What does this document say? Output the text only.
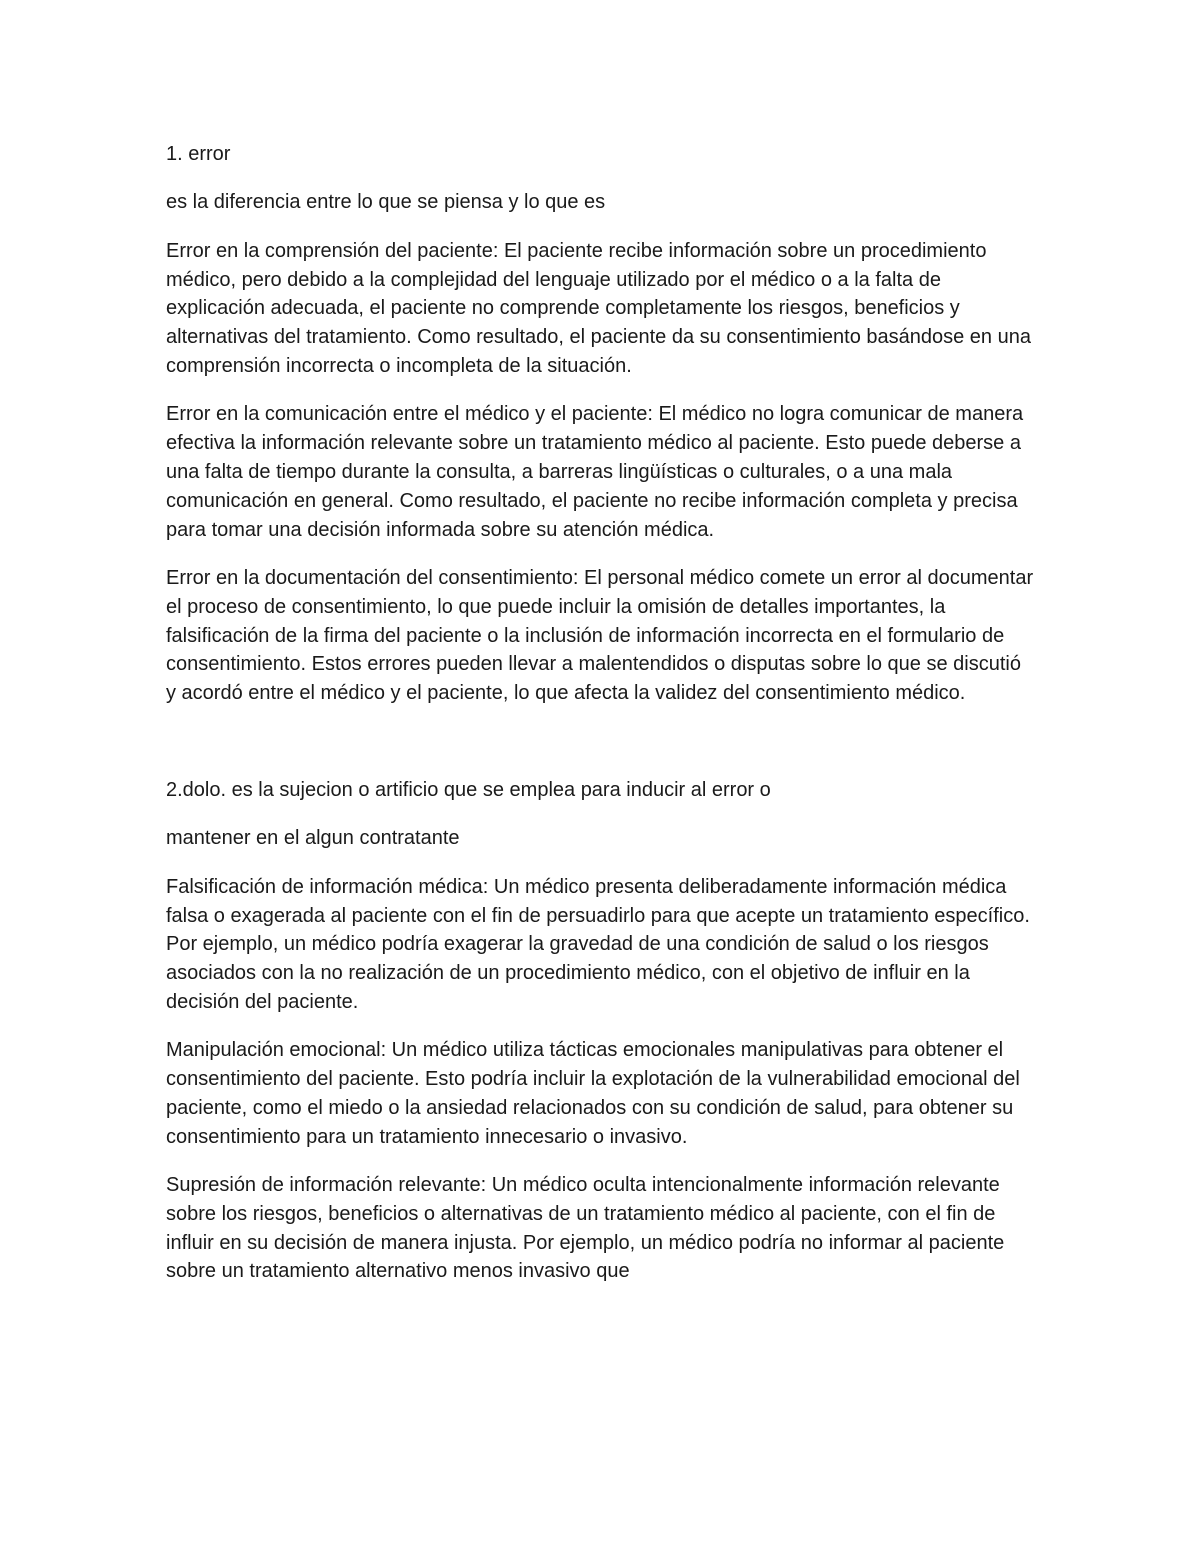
1. error

es la diferencia entre lo que se piensa y lo que es

Error en la comprensión del paciente: El paciente recibe información sobre un procedimiento médico, pero debido a la complejidad del lenguaje utilizado por el médico o a la falta de explicación adecuada, el paciente no comprende completamente los riesgos, beneficios y alternativas del tratamiento. Como resultado, el paciente da su consentimiento basándose en una comprensión incorrecta o incompleta de la situación.

Error en la comunicación entre el médico y el paciente: El médico no logra comunicar de manera efectiva la información relevante sobre un tratamiento médico al paciente. Esto puede deberse a una falta de tiempo durante la consulta, a barreras lingüísticas o culturales, o a una mala comunicación en general. Como resultado, el paciente no recibe información completa y precisa para tomar una decisión informada sobre su atención médica.

Error en la documentación del consentimiento: El personal médico comete un error al documentar el proceso de consentimiento, lo que puede incluir la omisión de detalles importantes, la falsificación de la firma del paciente o la inclusión de información incorrecta en el formulario de consentimiento. Estos errores pueden llevar a malentendidos o disputas sobre lo que se discutió y acordó entre el médico y el paciente, lo que afecta la validez del consentimiento médico.

2.dolo. es la sujecion o artificio que se emplea para inducir al error o

mantener en el algun contratante

Falsificación de información médica: Un médico presenta deliberadamente información médica falsa o exagerada al paciente con el fin de persuadirlo para que acepte un tratamiento específico. Por ejemplo, un médico podría exagerar la gravedad de una condición de salud o los riesgos asociados con la no realización de un procedimiento médico, con el objetivo de influir en la decisión del paciente.

Manipulación emocional: Un médico utiliza tácticas emocionales manipulativas para obtener el consentimiento del paciente. Esto podría incluir la explotación de la vulnerabilidad emocional del paciente, como el miedo o la ansiedad relacionados con su condición de salud, para obtener su consentimiento para un tratamiento innecesario o invasivo.

Supresión de información relevante: Un médico oculta intencionalmente información relevante sobre los riesgos, beneficios o alternativas de un tratamiento médico al paciente, con el fin de influir en su decisión de manera injusta. Por ejemplo, un médico podría no informar al paciente sobre un tratamiento alternativo menos invasivo que
